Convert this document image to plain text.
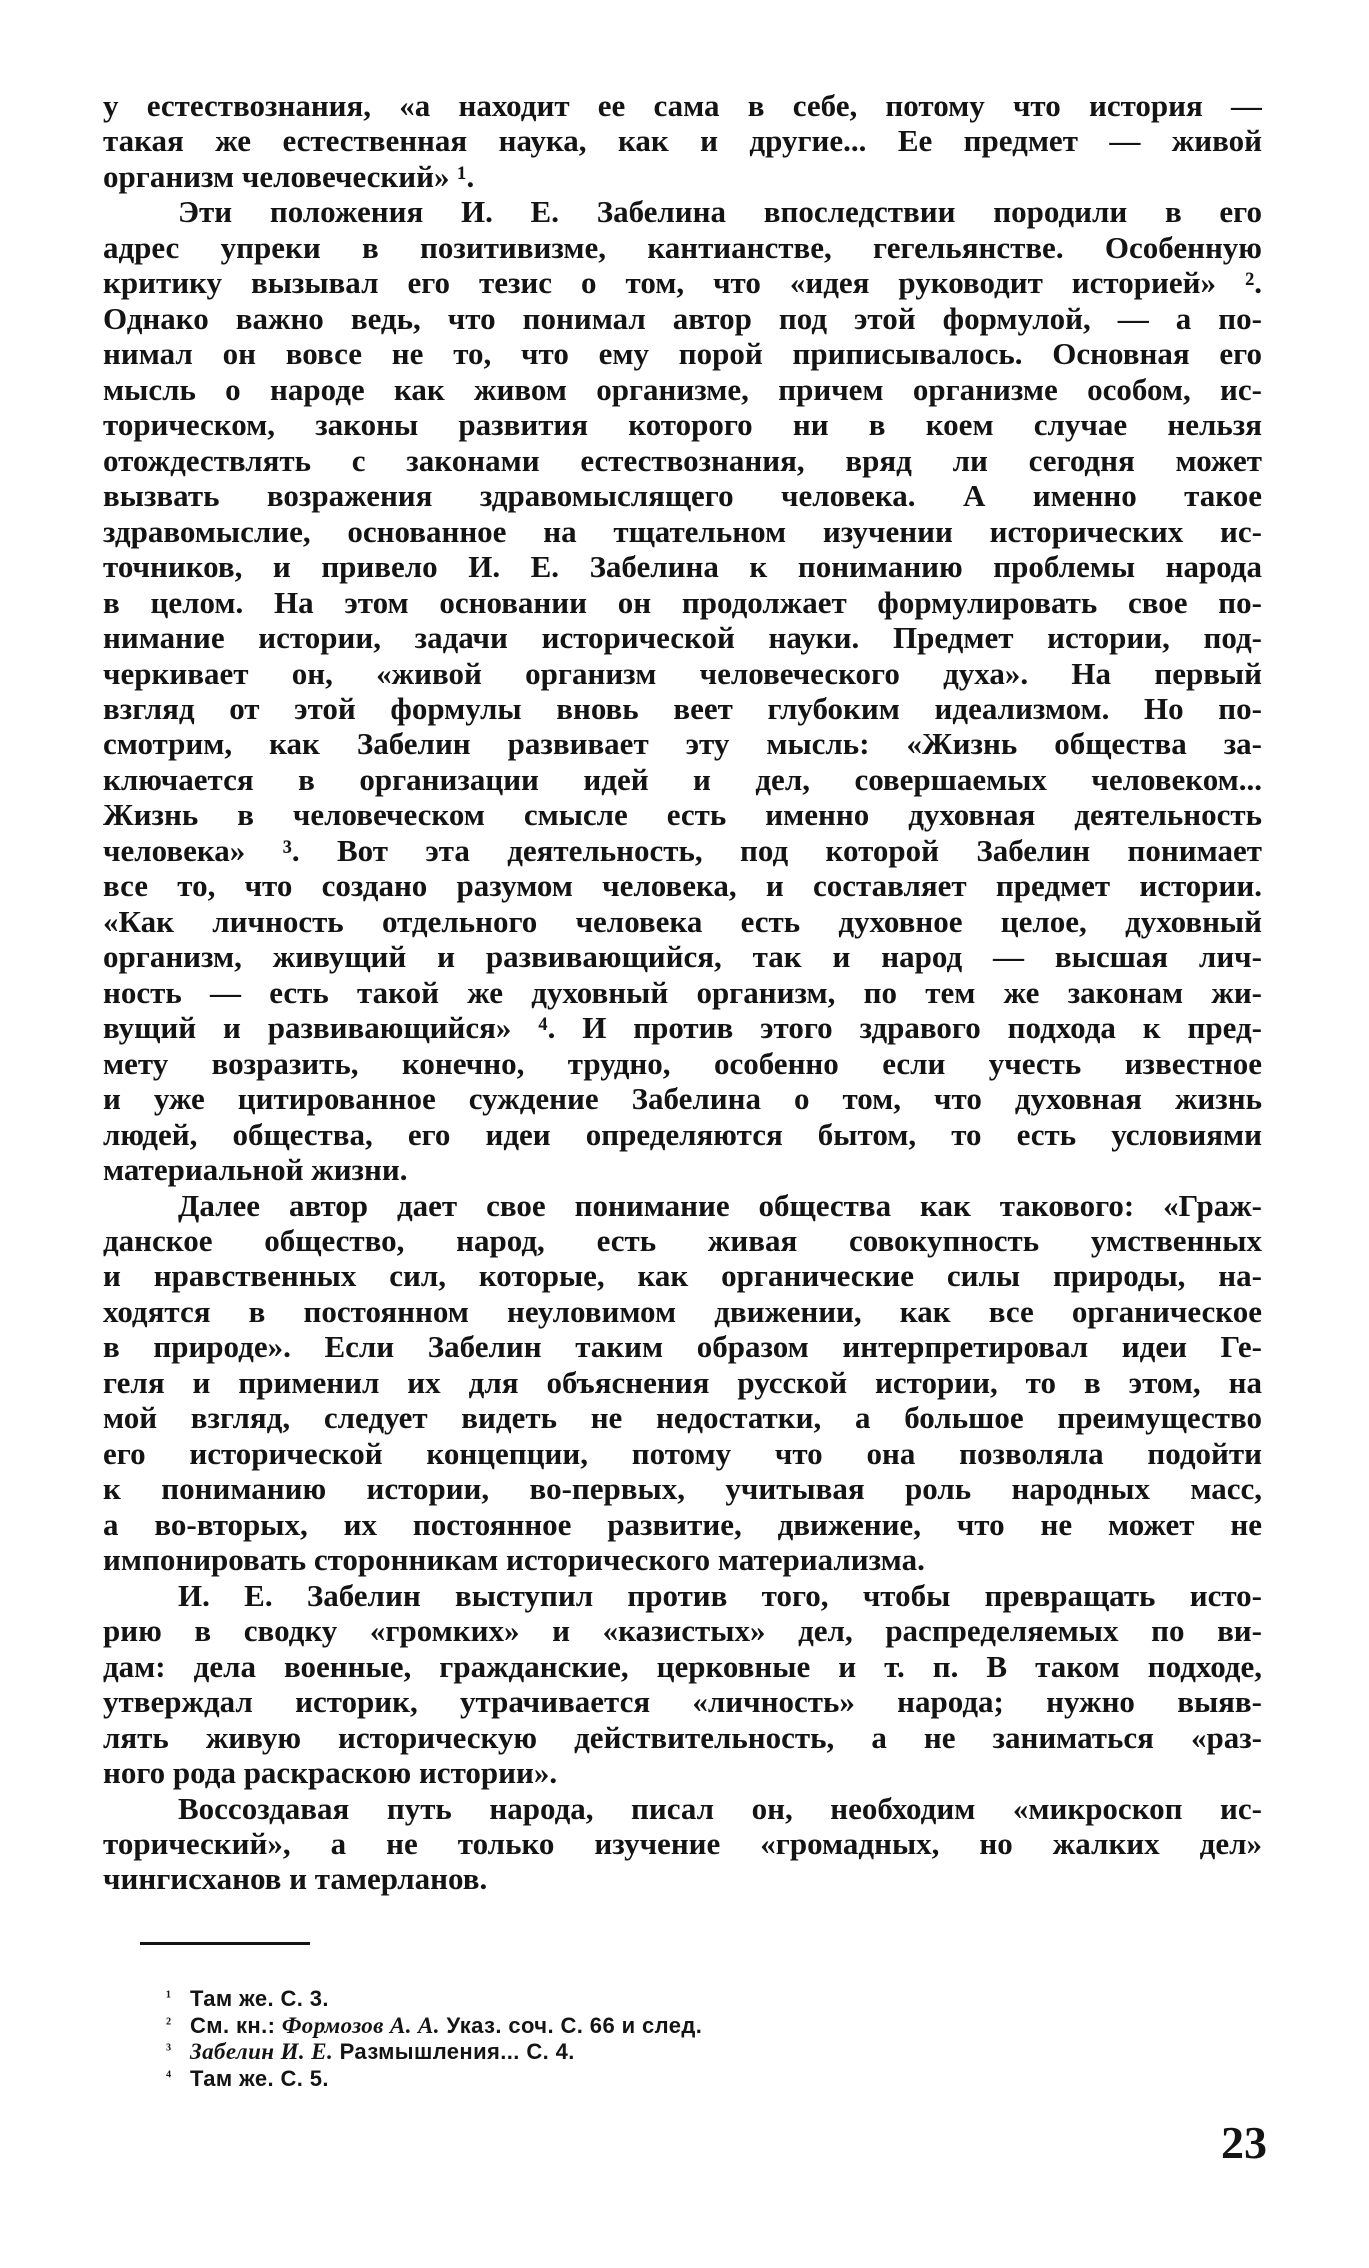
у естествознания, «а находит ее сама в себе, потому что история —
такая же естественная наука, как и другие... Ее предмет — живой
организм человеческий» ¹.
Эти положения И. Е. Забелина впоследствии породили в его
адрес упреки в позитивизме, кантианстве, гегельянстве. Особенную
критику вызывал его тезис о том, что «идея руководит историей» ².
Однако важно ведь, что понимал автор под этой формулой, — а по-
нимал он вовсе не то, что ему порой приписывалось. Основная его
мысль о народе как живом организме, причем организме особом, ис-
торическом, законы развития которого ни в коем случае нельзя
отождествлять с законами естествознания, вряд ли сегодня может
вызвать возражения здравомыслящего человека. А именно такое
здравомыслие, основанное на тщательном изучении исторических ис-
точников, и привело И. Е. Забелина к пониманию проблемы народа
в целом. На этом основании он продолжает формулировать свое по-
нимание истории, задачи исторической науки. Предмет истории, под-
черкивает он, «живой организм человеческого духа». На первый
взгляд от этой формулы вновь веет глубоким идеализмом. Но по-
смотрим, как Забелин развивает эту мысль: «Жизнь общества за-
ключается в организации идей и дел, совершаемых человеком...
Жизнь в человеческом смысле есть именно духовная деятельность
человека» ³. Вот эта деятельность, под которой Забелин понимает
все то, что создано разумом человека, и составляет предмет истории.
«Как личность отдельного человека есть духовное целое, духовный
организм, живущий и развивающийся, так и народ — высшая лич-
ность — есть такой же духовный организм, по тем же законам жи-
вущий и развивающийся» ⁴. И против этого здравого подхода к пред-
мету возразить, конечно, трудно, особенно если учесть известное
и уже цитированное суждение Забелина о том, что духовная жизнь
людей, общества, его идеи определяются бытом, то есть условиями
материальной жизни.
Далее автор дает свое понимание общества как такового: «Граж-
данское общество, народ, есть живая совокупность умственных
и нравственных сил, которые, как органические силы природы, на-
ходятся в постоянном неуловимом движении, как все органическое
в природе». Если Забелин таким образом интерпретировал идеи Ге-
геля и применил их для объяснения русской истории, то в этом, на
мой взгляд, следует видеть не недостатки, а большое преимущество
его исторической концепции, потому что она позволяла подойти
к пониманию истории, во-первых, учитывая роль народных масс,
а во-вторых, их постоянное развитие, движение, что не может не
импонировать сторонникам исторического материализма.
И. Е. Забелин выступил против того, чтобы превращать исто-
рию в сводку «громких» и «казистых» дел, распределяемых по ви-
дам: дела военные, гражданские, церковные и т. п. В таком подходе,
утверждал историк, утрачивается «личность» народа; нужно выяв-
лять живую историческую действительность, а не заниматься «раз-
ного рода раскраскою истории».
Воссоздавая путь народа, писал он, необходим «микроскоп ис-
торический», а не только изучение «громадных, но жалких дел»
чингисханов и тамерланов.
¹ Там же. С. 3.
² См. кн.: Формозов А. А. Указ. соч. С. 66 и след.
³ Забелин И. Е. Размышления... С. 4.
⁴ Там же. С. 5.
23
